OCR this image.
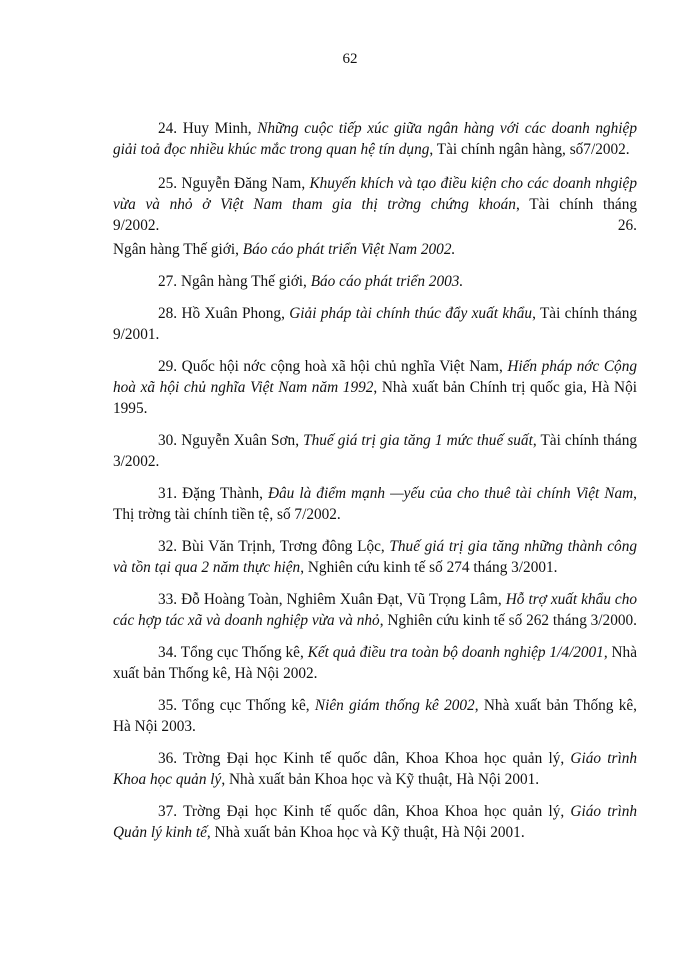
62

24. Huy Minh, Những cuộc tiếp xúc giữa ngân hàng với các doanh nghiệp giải toả đọc nhiều khúc mắc trong quan hệ tín dụng, Tài chính ngân hàng, số7/2002.

25. Nguyễn Đăng Nam, Khuyến khích và tạo điều kiện cho các doanh nhgiệp vừa và nhỏ ở Việt Nam tham gia thị trờng chứng khoán, Tài chính tháng9/2002.	26.

Ngân hàng Thế giới, Báo cáo phát triển Việt Nam 2002.

27. Ngân hàng Thế giới, Báo cáo phát triển 2003.

28. Hồ Xuân Phong, Giải pháp tài chính thúc đẩy xuất khẩu, Tài chính tháng 9/2001.

29. Quốc hội nớc cộng hoà xã hội chủ nghĩa Việt Nam, Hiến pháp nớc Cộng hoà xã hội chủ nghĩa Việt Nam năm 1992, Nhà xuất bản Chính trị quốc gia, Hà Nội 1995.

30. Nguyễn Xuân Sơn, Thuế giá trị gia tăng 1 mức thuế suất, Tài chính tháng 3/2002.

31. Đặng Thành, Đâu là điểm mạnh —yếu của cho thuê tài chính Việt Nam, Thị trờng tài chính tiền tệ, số 7/2002.

32. Bùi Văn Trịnh, Trơng đông Lộc, Thuế giá trị gia tăng những thành công và tồn tại qua 2 năm thực hiện, Nghiên cứu kinh tế số 274 tháng 3/2001.

33. Đỗ Hoàng Toàn, Nghiêm Xuân Đạt, Vũ Trọng Lâm, Hỗ trợ xuất khẩu cho các hợp tác xã và doanh nghiệp vừa và nhỏ, Nghiên cứu kinh tế số 262 tháng 3/2000.

34. Tổng cục Thống kê, Kết quả điều tra toàn bộ doanh nghiệp 1/4/2001, Nhà xuất bản Thống kê, Hà Nội 2002.

35. Tổng cục Thống kê, Niên giám thống kê 2002, Nhà xuất bản Thống kê, Hà Nội 2003.

36. Trờng Đại học Kinh tế quốc dân, Khoa Khoa học quản lý, Giáo trình Khoa học quản lý, Nhà xuất bản Khoa học và Kỹ thuật, Hà Nội 2001.

37. Trờng Đại học Kinh tế quốc dân, Khoa Khoa học quản lý, Giáo trình Quản lý kinh tế, Nhà xuất bản Khoa học và Kỹ thuật, Hà Nội 2001.
